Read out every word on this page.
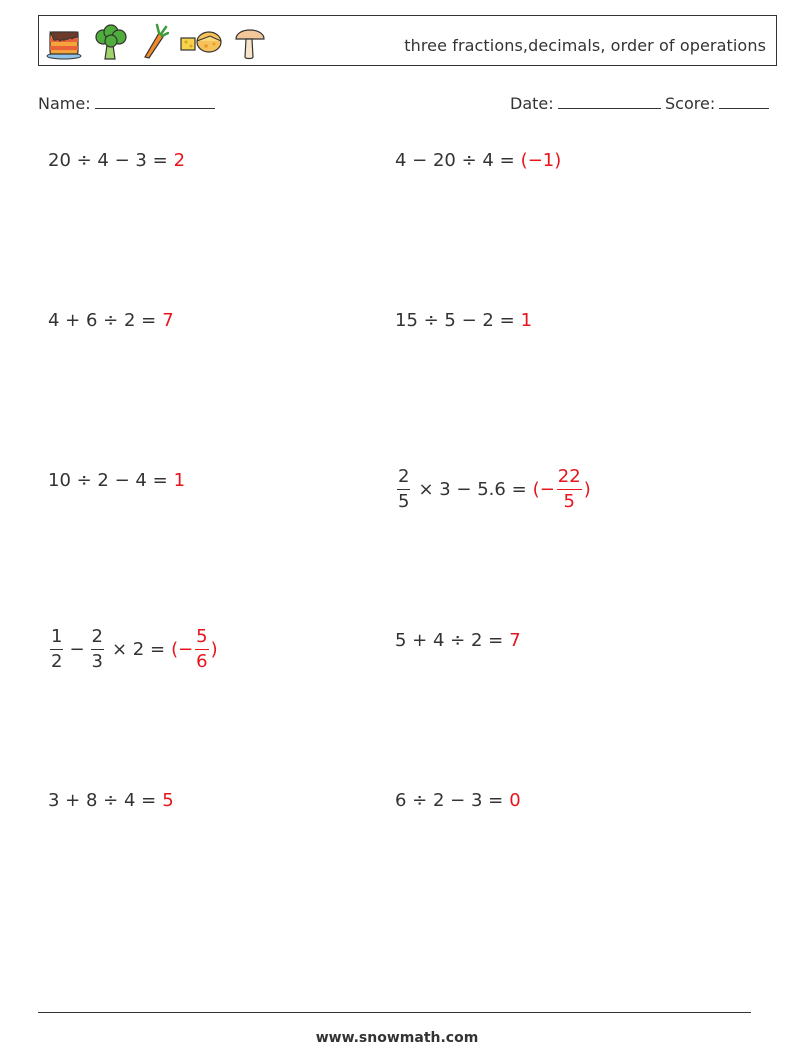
three fractions,decimals, order of operations
Name:	Date:	Score:
20 ÷ 4 − 3 = 2	4 − 20 ÷ 4 = (−1)
4 + 6 ÷ 2 = 7	15 ÷ 5 − 2 = 1
10 ÷ 2 − 4 = 1	$\frac{2}{5} \times 3 - 5.6$ = (− $\frac{22}{5}$ )
$\frac{1}{2} - \frac{2}{3} \times 2$ = (− $\frac{5}{6}$ )	5 + 4 ÷ 2 = 7
3 + 8 ÷ 4 = 5	6 ÷ 2 − 3 = 0
www.snowmath.com
